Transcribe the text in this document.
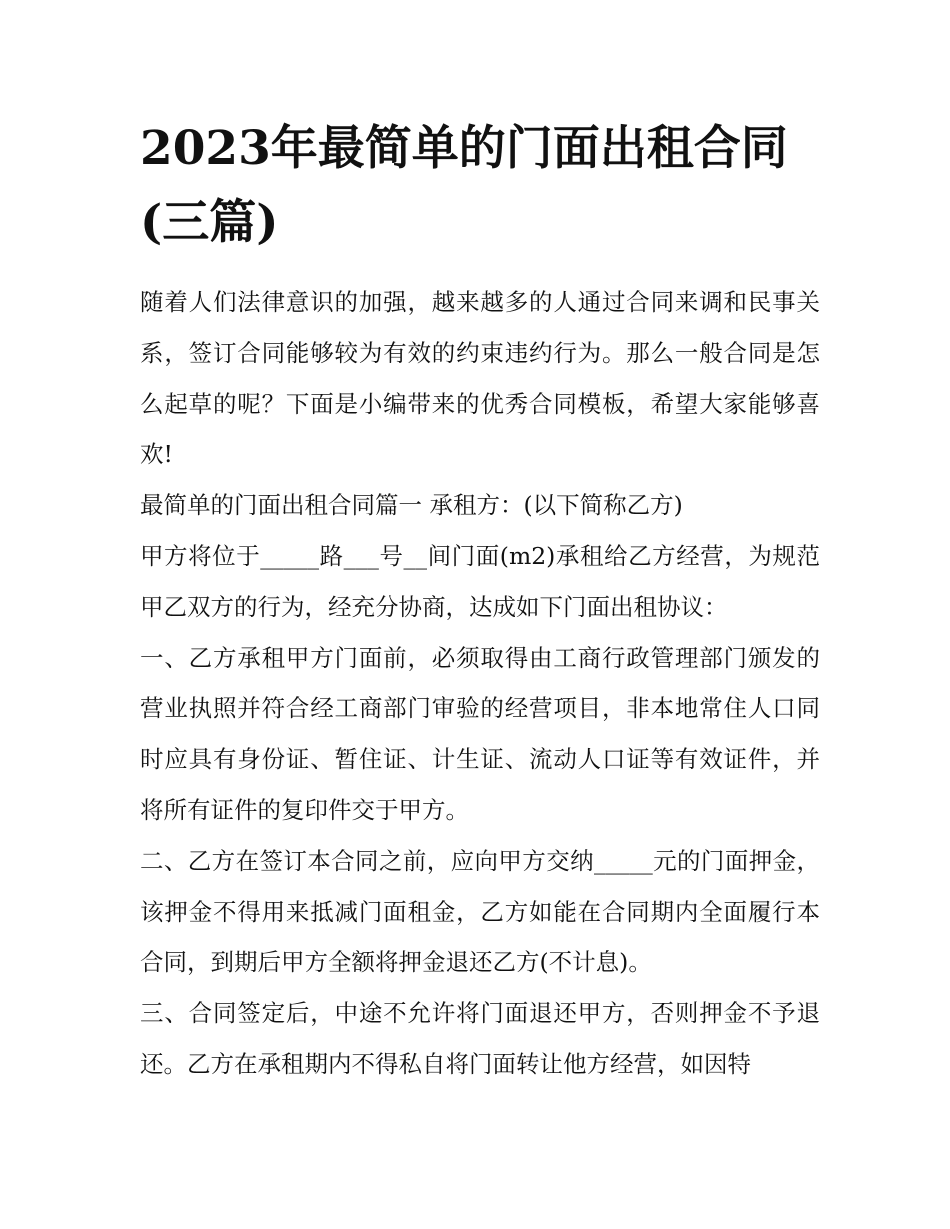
2023年最简单的门面出租合同(三篇)

随着人们法律意识的加强，越来越多的人通过合同来调和民事关系，签订合同能够较为有效的约束违约行为。那么一般合同是怎么起草的呢？下面是小编带来的优秀合同模板，希望大家能够喜欢!

最简单的门面出租合同篇一 承租方：(以下简称乙方)

甲方将位于_____路___号__间门面(m2)承租给乙方经营，为规范甲乙双方的行为，经充分协商，达成如下门面出租协议：

一、乙方承租甲方门面前，必须取得由工商行政管理部门颁发的营业执照并符合经工商部门审验的经营项目，非本地常住人口同时应具有身份证、暂住证、计生证、流动人口证等有效证件，并将所有证件的复印件交于甲方。

二、乙方在签订本合同之前，应向甲方交纳_____元的门面押金，该押金不得用来抵减门面租金，乙方如能在合同期内全面履行本合同，到期后甲方全额将押金退还乙方(不计息)。

三、合同签定后，中途不允许将门面退还甲方，否则押金不予退还。乙方在承租期内不得私自将门面转让他方经营，如因特
